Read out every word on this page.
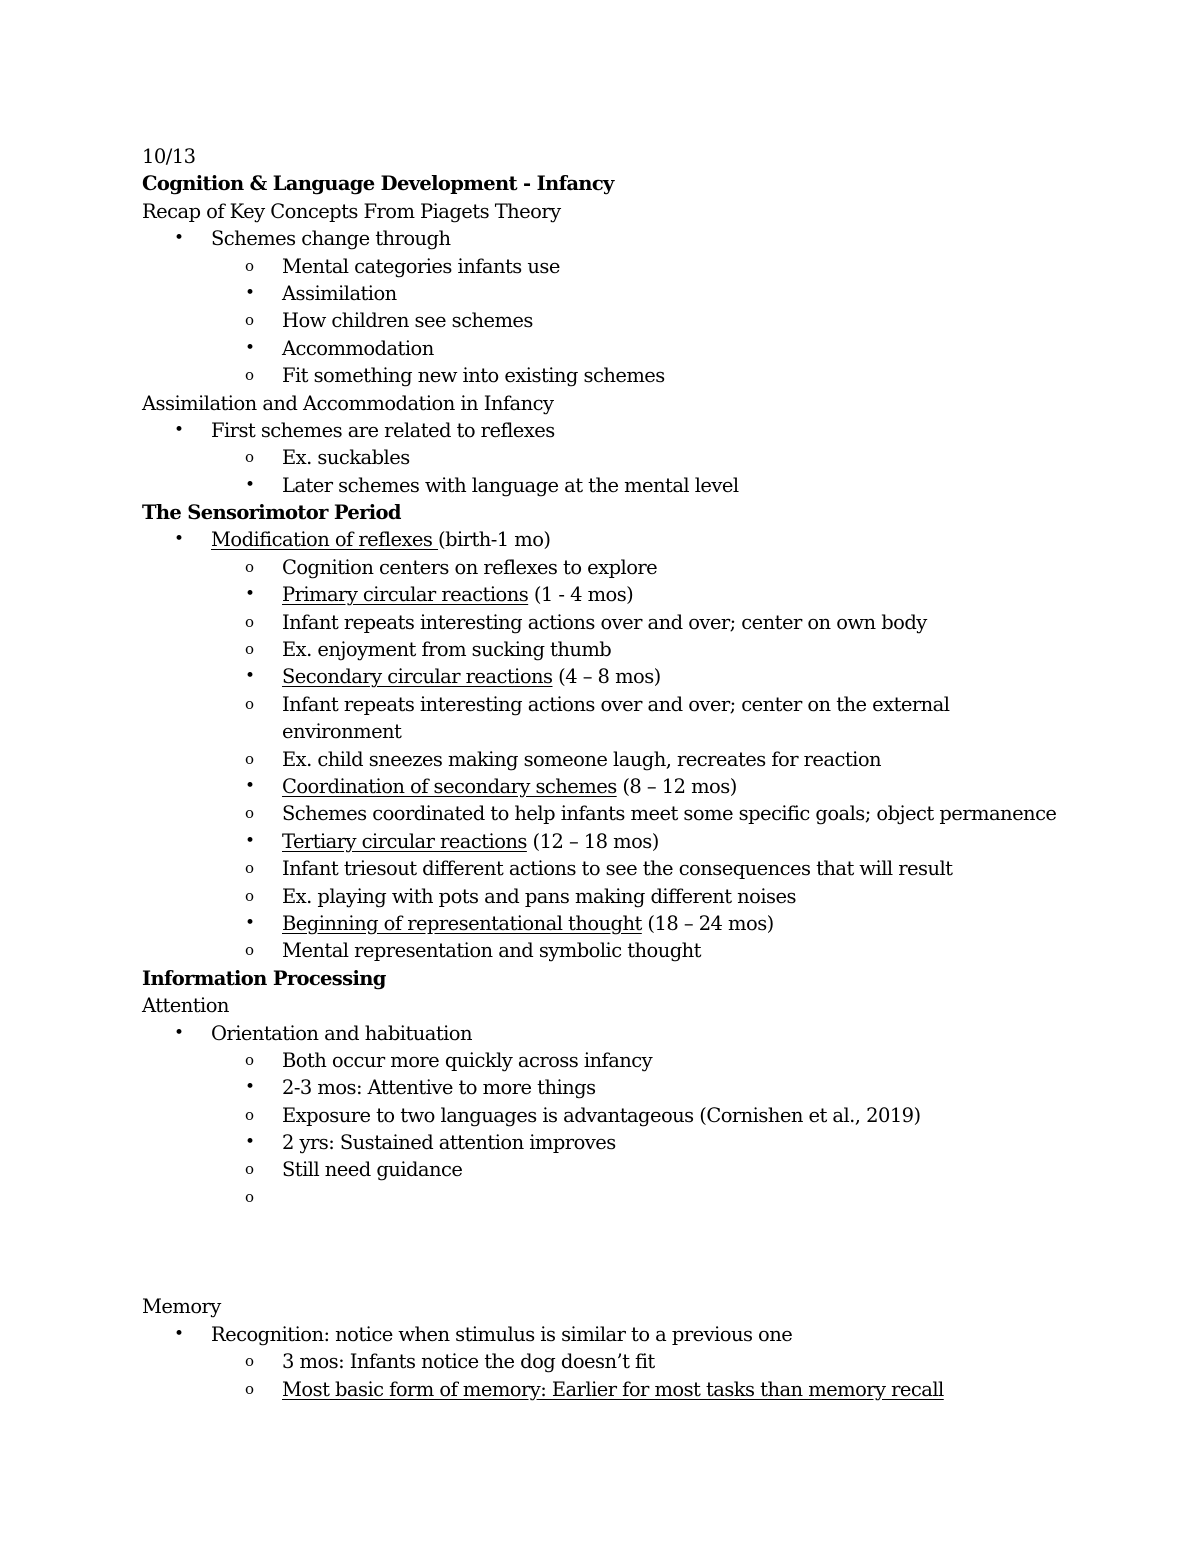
10/13
Cognition & Language Development - Infancy
Recap of Key Concepts From Piagets Theory
• Schemes change through
o Mental categories infants use
• Assimilation
o How children see schemes
• Accommodation
o Fit something new into existing schemes
Assimilation and Accommodation in Infancy
• First schemes are related to reflexes
o Ex. suckables
• Later schemes with language at the mental level
The Sensorimotor Period
• Modification of reflexes (birth-1 mo)
o Cognition centers on reflexes to explore
• Primary circular reactions (1 - 4 mos)
o Infant repeats interesting actions over and over; center on own body
o Ex. enjoyment from sucking thumb
• Secondary circular reactions (4 – 8 mos)
o Infant repeats interesting actions over and over; center on the external
environment
o Ex. child sneezes making someone laugh, recreates for reaction
• Coordination of secondary schemes (8 – 12 mos)
o Schemes coordinated to help infants meet some specific goals; object permanence
• Tertiary circular reactions (12 – 18 mos)
o Infant triesout different actions to see the consequences that will result
o Ex. playing with pots and pans making different noises
• Beginning of representational thought (18 – 24 mos)
o Mental representation and symbolic thought
Information Processing
Attention
• Orientation and habituation
o Both occur more quickly across infancy
• 2-3 mos: Attentive to more things
o Exposure to two languages is advantageous (Cornishen et al., 2019)
• 2 yrs: Sustained attention improves
o Still need guidance
o
Memory
• Recognition: notice when stimulus is similar to a previous one
o 3 mos: Infants notice the dog doesn’t fit
o Most basic form of memory: Earlier for most tasks than memory recall
